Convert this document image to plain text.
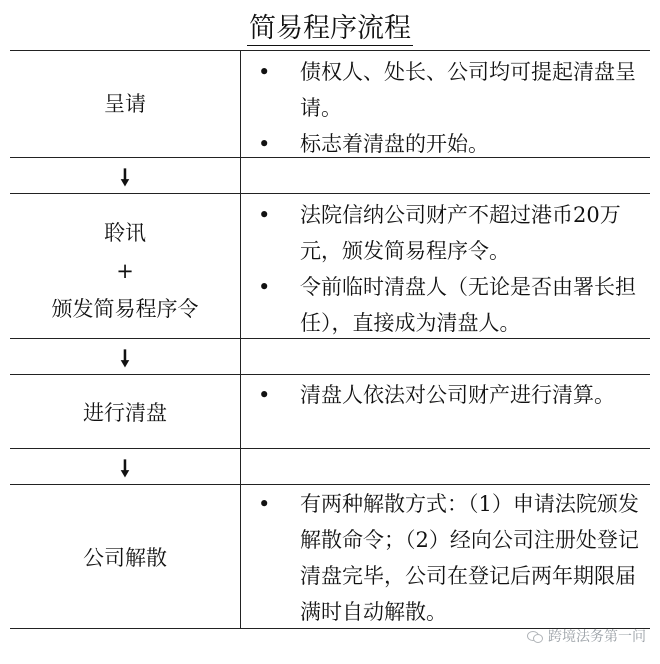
简易程序流程
呈请
• 债权人、处长、公司均可提起清盘呈请。
• 标志着清盘的开始。
🠗
聆讯
+
颁发简易程序令
• 法院信纳公司财产不超过港币20万元，颁发简易程序令。
• 令前临时清盘人（无论是否由署长担任），直接成为清盘人。
🠗
进行清盘
• 清盘人依法对公司财产进行清算。
🠗
公司解散
• 有两种解散方式：（1）申请法院颁发解散命令；（2）经向公司注册处登记清盘完毕，公司在登记后两年期限届满时自动解散。
跨境法务第一问
